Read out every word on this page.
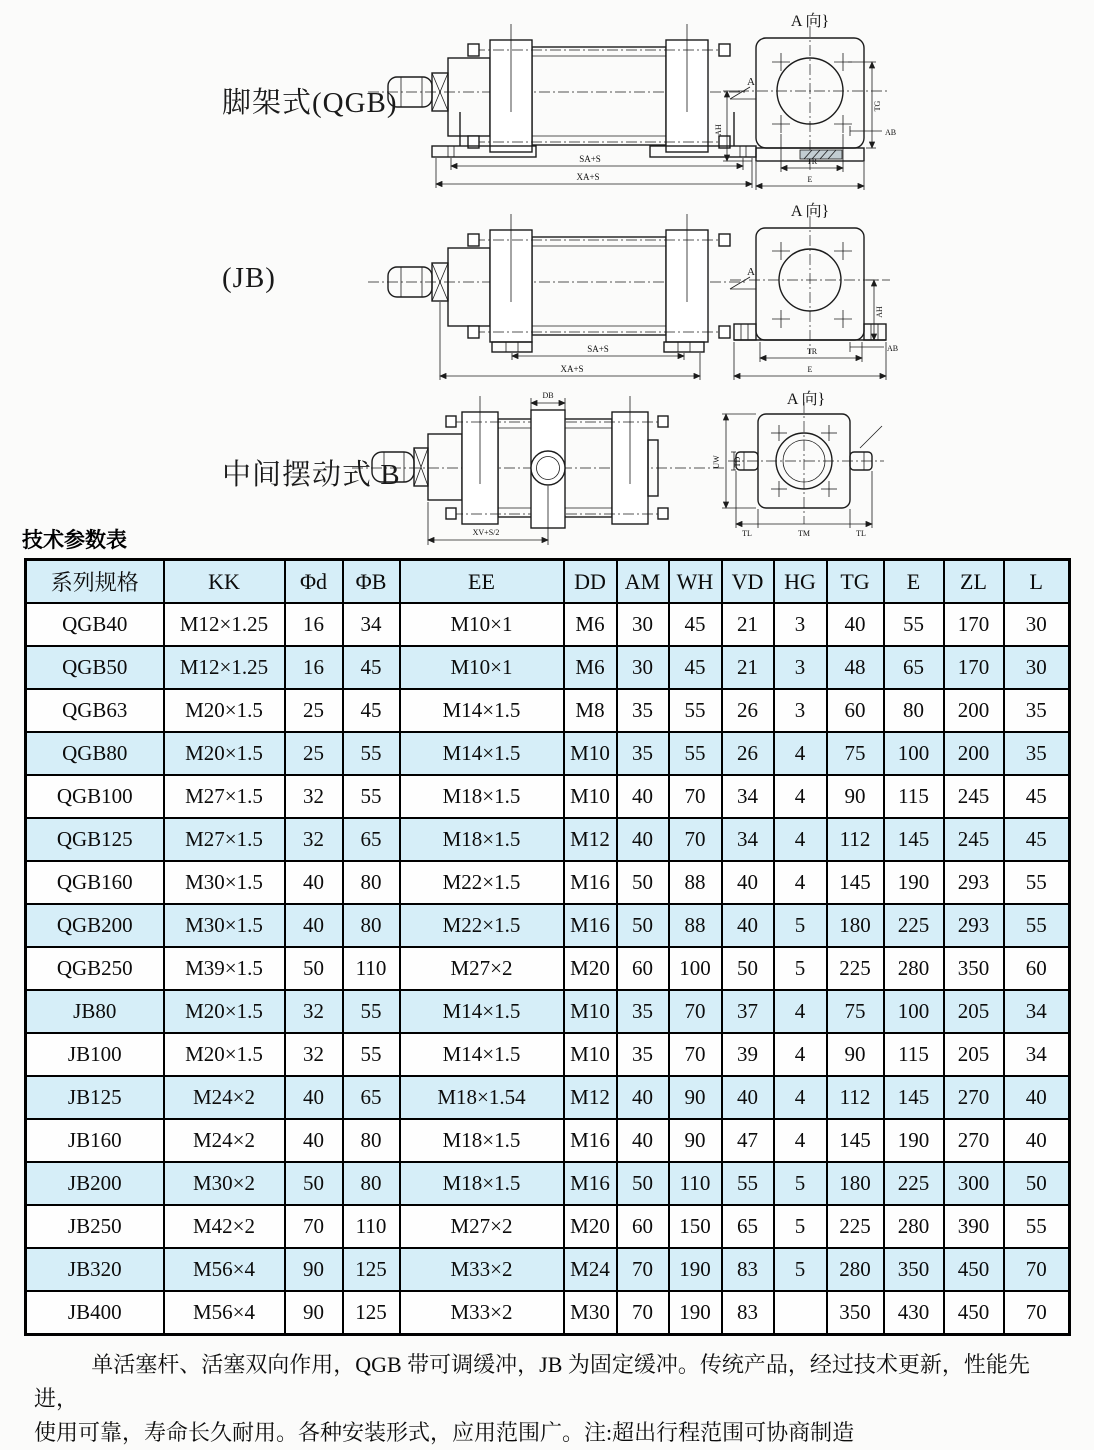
脚架式(QGB)
(JB)
中间摆动式 B
SA+S
XA+S
A
A 向}
AH
TG
AB
TR
E
SA+S
XA+S
A
A 向}
AH
AB
TR
E
DB
XV+S/2
A 向}
UW TD
TL	TM	TL
技术参数表
系列规格	KK	Φd	ΦB	EE	DD	AM	WH	VD	HG	TG	E	ZL	L
QGB40	M12×1.25	16	34	M10×1	M6	30	45	21	3	40	55	170	30
QGB50	M12×1.25	16	45	M10×1	M6	30	45	21	3	48	65	170	30
QGB63	M20×1.5	25	45	M14×1.5	M8	35	55	26	3	60	80	200	35
QGB80	M20×1.5	25	55	M14×1.5	M10	35	55	26	4	75	100	200	35
QGB100	M27×1.5	32	55	M18×1.5	M10	40	70	34	4	90	115	245	45
QGB125	M27×1.5	32	65	M18×1.5	M12	40	70	34	4	112	145	245	45
QGB160	M30×1.5	40	80	M22×1.5	M16	50	88	40	4	145	190	293	55
QGB200	M30×1.5	40	80	M22×1.5	M16	50	88	40	5	180	225	293	55
QGB250	M39×1.5	50	110	M27×2	M20	60	100	50	5	225	280	350	60
JB80	M20×1.5	32	55	M14×1.5	M10	35	70	37	4	75	100	205	34
JB100	M20×1.5	32	55	M14×1.5	M10	35	70	39	4	90	115	205	34
JB125	M24×2	40	65	M18×1.54	M12	40	90	40	4	112	145	270	40
JB160	M24×2	40	80	M18×1.5	M16	40	90	47	4	145	190	270	40
JB200	M30×2	50	80	M18×1.5	M16	50	110	55	5	180	225	300	50
JB250	M42×2	70	110	M27×2	M20	60	150	65	5	225	280	390	55
JB320	M56×4	90	125	M33×2	M24	70	190	83	5	280	350	450	70
JB400	M56×4	90	125	M33×2	M30	70	190	83		350	430	450	70
单活塞杆、活塞双向作用，QGB 带可调缓冲，JB 为固定缓冲。传统产品，经过技术更新，性能先进，
使用可靠，寿命长久耐用。各种安装形式，应用范围广。注:超出行程范围可协商制造
